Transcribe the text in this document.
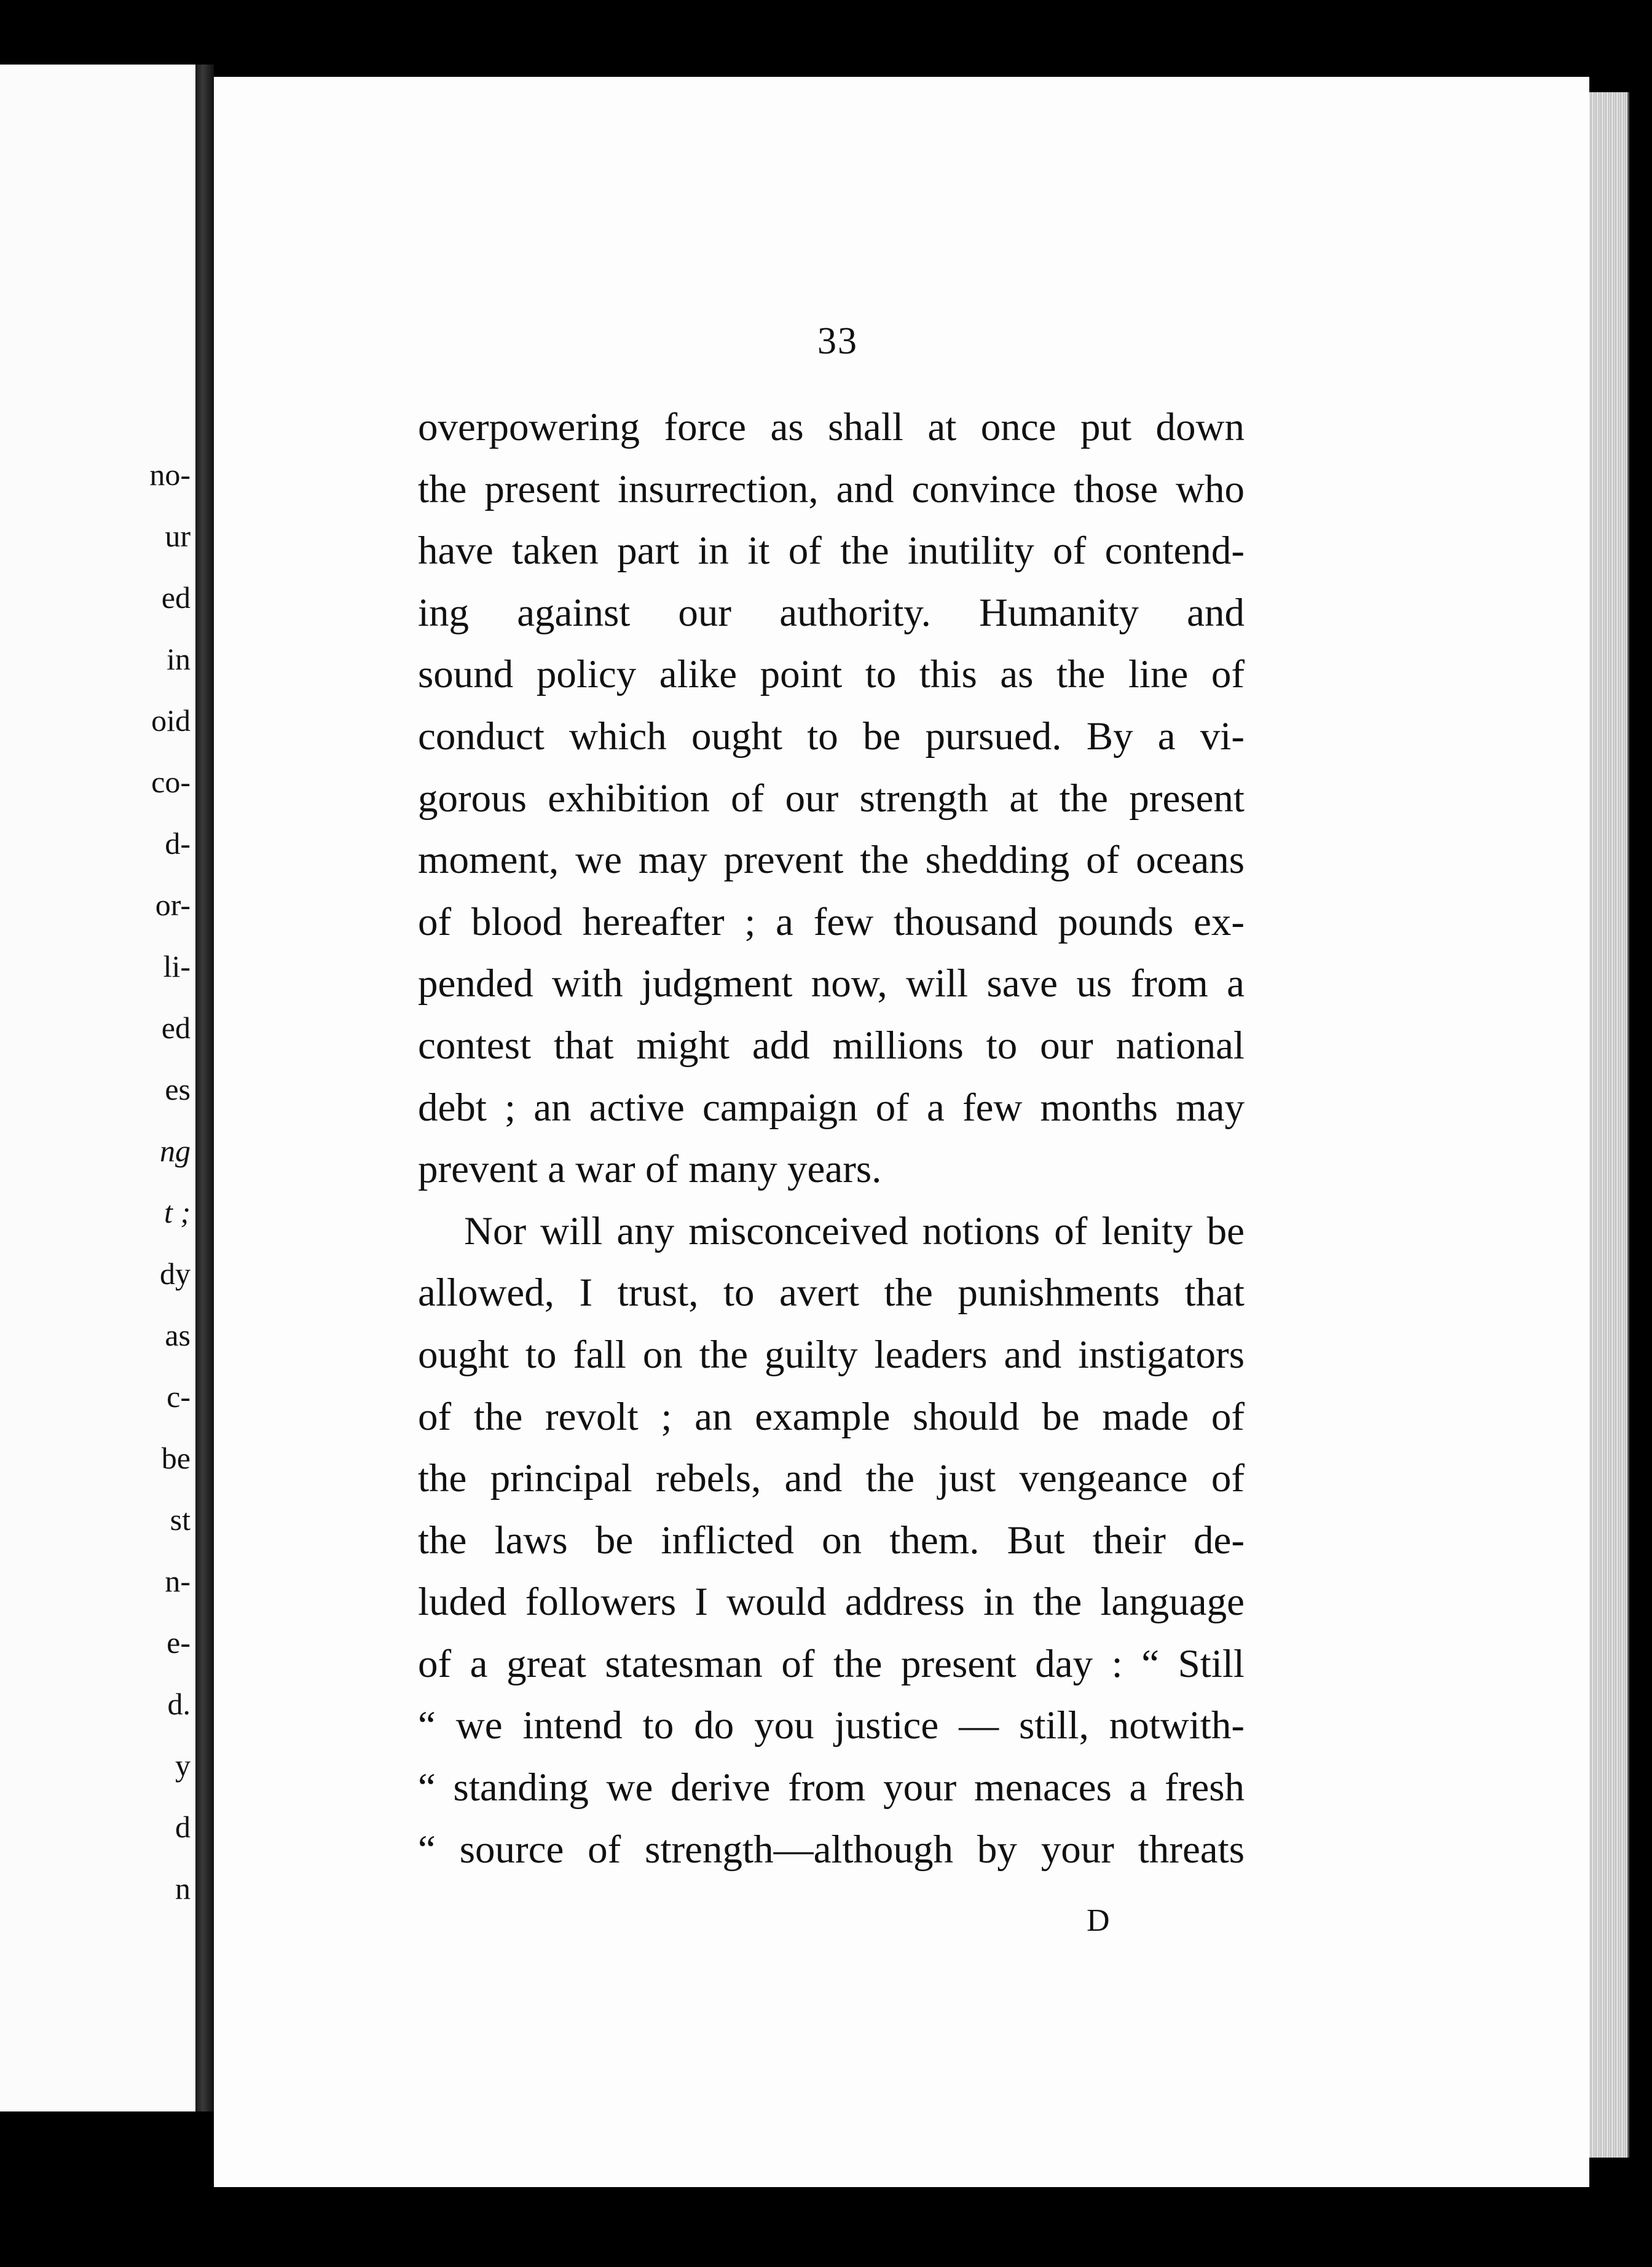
no-
ur
ed
in
oid
co-
d-
or-
li-
ed
es
ng
t ;
dy
as
c-
be
st
n-
e-
d.
y
d
n
33
overpowering force as shall at once put down
the present insurrection, and convince those who
have taken part in it of the inutility of contend-
ing against our authority. Humanity and
sound policy alike point to this as the line of
conduct which ought to be pursued. By a vi-
gorous exhibition of our strength at the present
moment, we may prevent the shedding of oceans
of blood hereafter ; a few thousand pounds ex-
pended with judgment now, will save us from a
contest that might add millions to our national
debt ; an active campaign of a few months may
prevent a war of many years.
Nor will any misconceived notions of lenity be
allowed, I trust, to avert the punishments that
ought to fall on the guilty leaders and instigators
of the revolt ; an example should be made of
the principal rebels, and the just vengeance of
the laws be inflicted on them. But their de-
luded followers I would address in the language
of a great statesman of the present day : “ Still
“ we intend to do you justice — still, notwith-
“ standing we derive from your menaces a fresh
“ source of strength—although by your threats
D
